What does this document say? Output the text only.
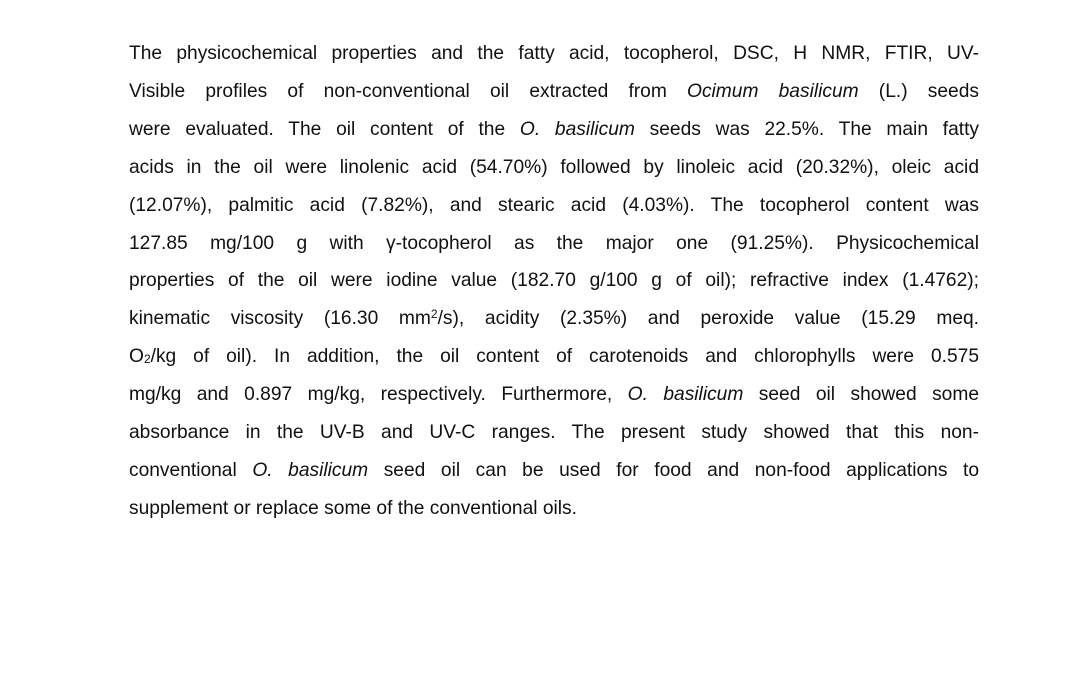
The physicochemical properties and the fatty acid, tocopherol, DSC, H NMR, FTIR, UV-
Visible profiles of non-conventional oil extracted from Ocimum basilicum (L.) seeds
were evaluated. The oil content of the O. basilicum seeds was 22.5%. The main fatty
acids in the oil were linolenic acid (54.70%) followed by linoleic acid (20.32%), oleic acid
(12.07%), palmitic acid (7.82%), and stearic acid (4.03%). The tocopherol content was
127.85 mg/100 g with γ-tocopherol as the major one (91.25%). Physicochemical
properties of the oil were iodine value (182.70 g/100 g of oil); refractive index (1.4762);
kinematic viscosity (16.30 $mm^2/s$), acidity (2.35%) and peroxide value (15.29 meq.
$O_2/kg$ of oil). In addition, the oil content of carotenoids and chlorophylls were 0.575
mg/kg and 0.897 mg/kg, respectively. Furthermore, O. basilicum seed oil showed some
absorbance in the UV-B and UV-C ranges. The present study showed that this non-
conventional O. basilicum seed oil can be used for food and non-food applications to
supplement or replace some of the conventional oils.
